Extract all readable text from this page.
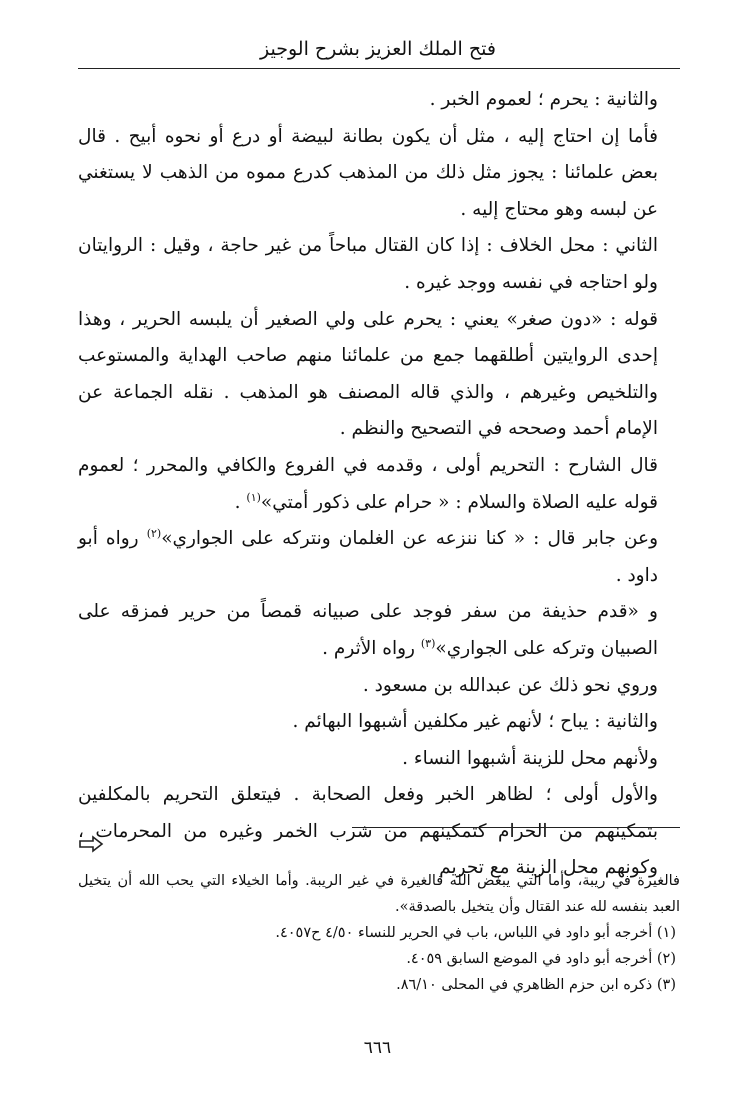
فتح الملك العزيز بشرح الوجيز

والثانية : يحرم ؛ لعموم الخبر .

فأما إن احتاج إليه ، مثل أن يكون بطانة لبيضة أو درع أو نحوه أبيح . قال بعض علمائنا : يجوز مثل ذلك من المذهب كدرع مموه من الذهب لا يستغني عن لبسه وهو محتاج إليه .

الثاني : محل الخلاف : إذا كان القتال مباحاً من غير حاجة ، وقيل : الروايتان ولو احتاجه في نفسه ووجد غيره .

قوله : «دون صغر» يعني : يحرم على ولي الصغير أن يلبسه الحرير ، وهذا إحدى الروايتين أطلقهما جمع من علمائنا منهم صاحب الهداية والمستوعب والتلخيص وغيرهم ، والذي قاله المصنف هو المذهب . نقله الجماعة عن الإمام أحمد وصححه في التصحيح والنظم .

قال الشارح : التحريم أولى ، وقدمه في الفروع والكافي والمحرر ؛ لعموم قوله عليه الصلاة والسلام : « حرام على ذكور أمتي»$^{(١)}$ .

وعن جابر قال : « كنا ننزعه عن الغلمان ونتركه على الجواري»$^{(٢)}$ رواه أبو داود .

و «قدم حذيفة من سفر فوجد على صبيانه قمصاً من حرير فمزقه على الصبيان وتركه على الجواري»$^{(٣)}$ رواه الأثرم .

وروي نحو ذلك عن عبدالله بن مسعود .

والثانية : يباح ؛ لأنهم غير مكلفين أشبهوا البهائم .

ولأنهم محل للزينة أشبهوا النساء .

والأول أولى ؛ لظاهر الخبر وفعل الصحابة . فيتعلق التحريم بالمكلفين بتمكينهم من الحرام كتمكينهم من شرب الخمر وغيره من المحرمات ، وكونهم محل الزينة مع تحريم

فالغيرة في ريبة، وأما التي يبغض الله فالغيرة في غير الريبة. وأما الخيلاء التي يحب الله أن يتخيل العبد بنفسه لله عند القتال وأن يتخيل بالصدقة».

(١) أخرجه أبو داود في اللباس، باب في الحرير للنساء ٤/٥٠ ح٤٠٥٧.

(٢) أخرجه أبو داود في الموضع السابق ٤٠٥٩.

(٣) ذكره ابن حزم الظاهري في المحلى ٨٦/١٠.

٦٦٦
